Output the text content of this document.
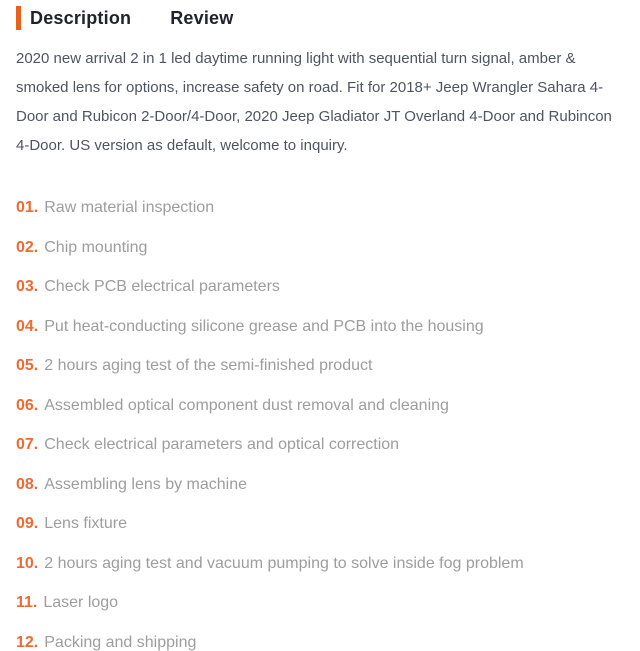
Description Review

2020 new arrival 2 in 1 led daytime running light with sequential turn signal, amber & smoked lens for options, increase safety on road. Fit for 2018+ Jeep Wrangler Sahara 4-Door and Rubicon 2-Door/4-Door, 2020 Jeep Gladiator JT Overland 4-Door and Rubincon 4-Door. US version as default, welcome to inquiry.

01. Raw material inspection
02. Chip mounting
03. Check PCB electrical parameters
04. Put heat-conducting silicone grease and PCB into the housing
05. 2 hours aging test of the semi-finished product
06. Assembled optical component dust removal and cleaning
07. Check electrical parameters and optical correction
08. Assembling lens by machine
09. Lens fixture
10. 2 hours aging test and vacuum pumping to solve inside fog problem
11. Laser logo
12. Packing and shipping
